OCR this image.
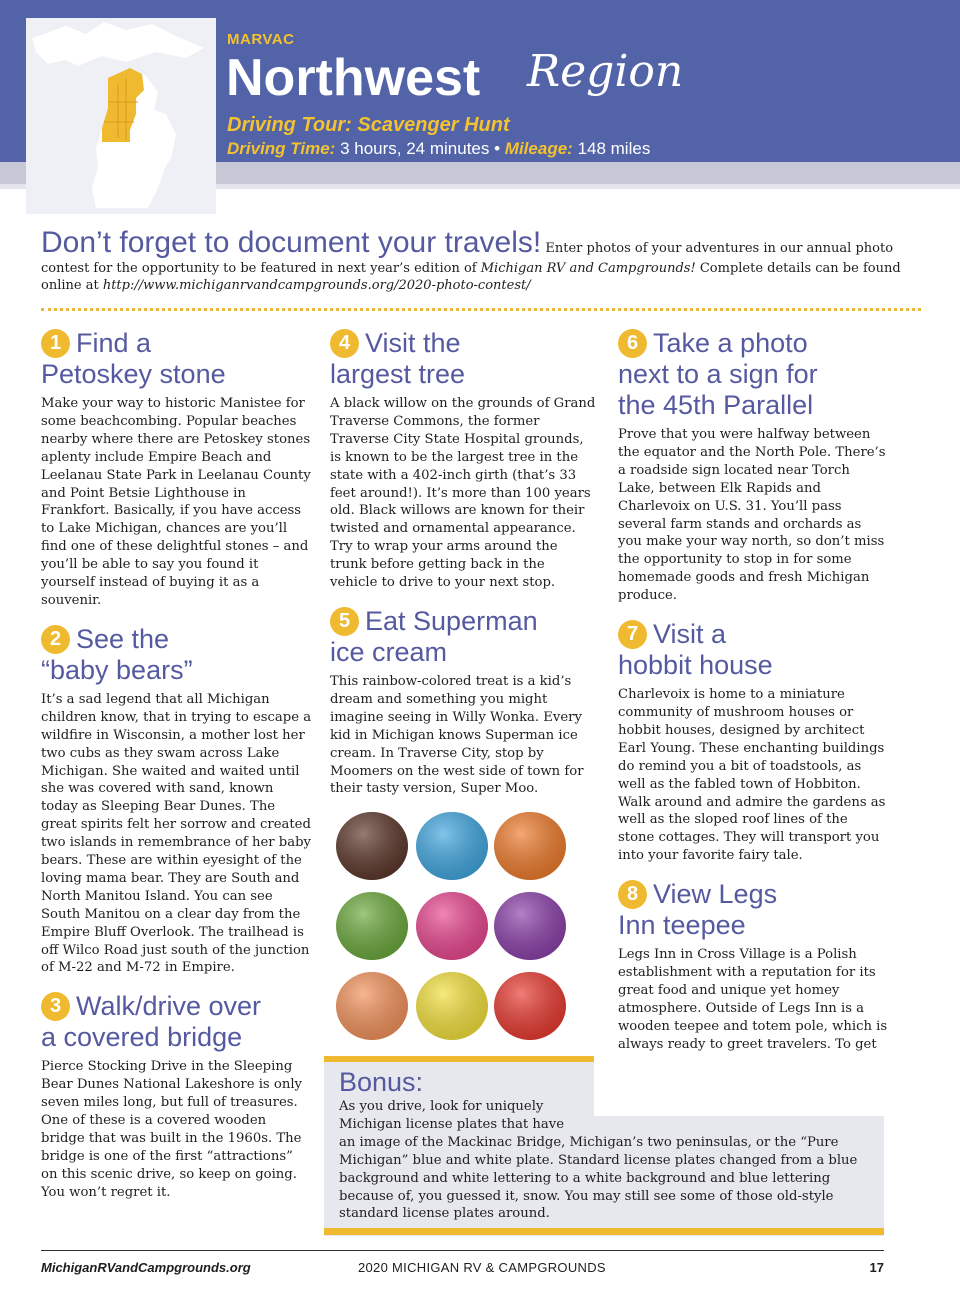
MARVAC
Northwest Region
Driving Tour: Scavenger Hunt
Driving Time: 3 hours, 24 minutes • Mileage: 148 miles
Don’t forget to document your travels! Enter photos of your adventures in our annual photo contest for the opportunity to be featured in next year’s edition of Michigan RV and Campgrounds! Complete details can be found online at http://www.michiganrvandcampgrounds.org/2020-photo-contest/
1 Find a
Petoskey stone

Make your way to historic Manistee for some beachcombing. Popular beaches nearby where there are Petoskey stones aplenty include Empire Beach and Leelanau State Park in Leelanau County and Point Betsie Lighthouse in Frankfort. Basically, if you have access to Lake Michigan, chances are you’ll find one of these delightful stones – and you’ll be able to say you found it yourself instead of buying it as a souvenir.

2 See the
“baby bears”

It’s a sad legend that all Michigan children know, that in trying to escape a wildfire in Wisconsin, a mother lost her two cubs as they swam across Lake Michigan. She waited and waited until she was covered with sand, known today as Sleeping Bear Dunes. The great spirits felt her sorrow and created two islands in remembrance of her baby bears. These are within eyesight of the loving mama bear. They are South and North Manitou Island. You can see South Manitou on a clear day from the Empire Bluff Overlook. The trailhead is off Wilco Road just south of the junction of M-22 and M-72 in Empire.

3 Walk/drive over
a covered bridge

Pierce Stocking Drive in the Sleeping Bear Dunes National Lakeshore is only seven miles long, but full of treasures. One of these is a covered wooden bridge that was built in the 1960s. The bridge is one of the first “attractions” on this scenic drive, so keep on going. You won’t regret it.

4 Visit the
largest tree

A black willow on the grounds of Grand Traverse Commons, the former Traverse City State Hospital grounds, is known to be the largest tree in the state with a 402-inch girth (that’s 33 feet around!). It’s more than 100 years old. Black willows are known for their twisted and ornamental appearance. Try to wrap your arms around the trunk before getting back in the vehicle to drive to your next stop.

5 Eat Superman
ice cream

This rainbow-colored treat is a kid’s dream and something you might imagine seeing in Willy Wonka. Every kid in Michigan knows Superman ice cream. In Traverse City, stop by Moomers on the west side of town for their tasty version, Super Moo.

6 Take a photo
next to a sign for
the 45th Parallel

Prove that you were halfway between the equator and the North Pole. There’s a roadside sign located near Torch Lake, between Elk Rapids and Charlevoix on U.S. 31. You’ll pass several farm stands and orchards as you make your way north, so don’t miss the opportunity to stop in for some homemade goods and fresh Michigan produce.

7 Visit a
hobbit house

Charlevoix is home to a miniature community of mushroom houses or hobbit houses, designed by architect Earl Young. These enchanting buildings do remind you a bit of toadstools, as well as the fabled town of Hobbiton. Walk around and admire the gardens as well as the sloped roof lines of the stone cottages. They will transport you into your favorite fairy tale.

8 View Legs
Inn teepee

Legs Inn in Cross Village is a Polish establishment with a reputation for its great food and unique yet homey atmosphere. Outside of Legs Inn is a wooden teepee and totem pole, which is always ready to greet travelers. To get

Bonus:

As you drive, look for uniquely Michigan license plates that have

an image of the Mackinac Bridge, Michigan’s two peninsulas, or the “Pure Michigan” blue and white plate. Standard license plates changed from a blue background and white lettering to a white background and blue lettering because of, you guessed it, snow. You may still see some of those old-style standard license plates around.

MichiganRVandCampgrounds.org	2020 MICHIGAN RV & CAMPGROUNDS	17
